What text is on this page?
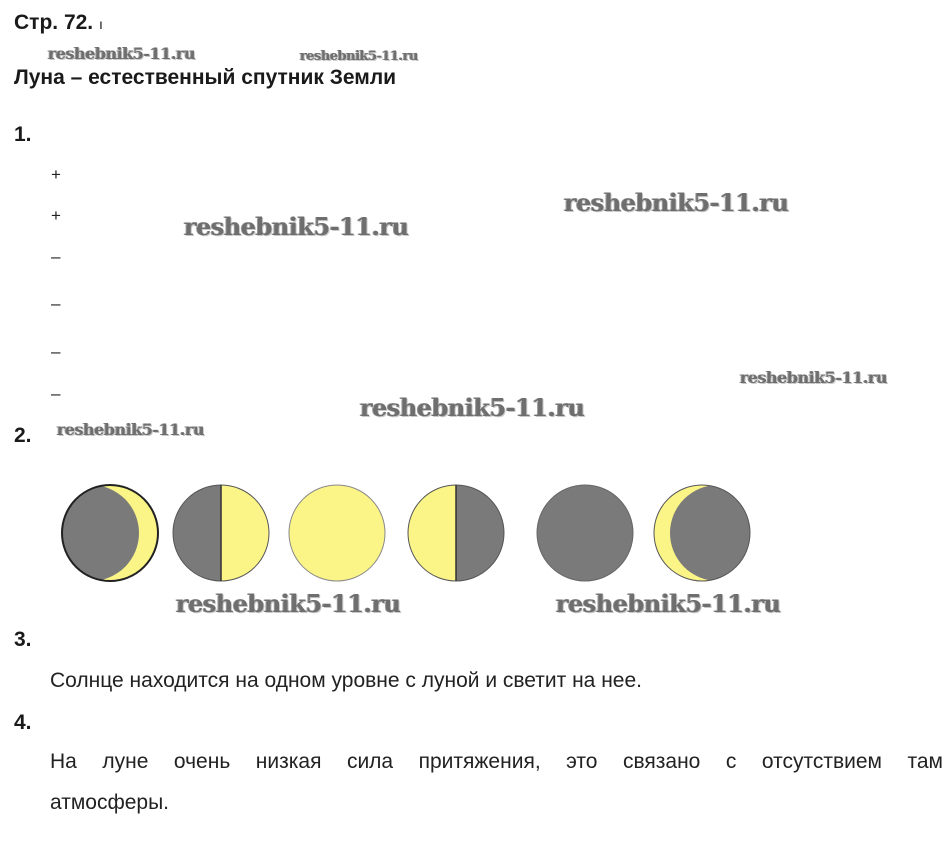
Стр. 72. ı
Луна – естественный спутник Земли
reshebnik5-11.ru	reshebnik5-11.ru
reshebnik5-11.ru
reshebnik5-11.ru
reshebnik5-11.ru
reshebnik5-11.ru
reshebnik5-11.ru
reshebnik5-11.ru	reshebnik5-11.ru
1.
+
+
–
–
–
–
2.
3.
Солнце находится на одном уровне с луной и светит на нее.
4.
На луне очень низкая сила притяжения, это связано с отсутствием там
атмосферы.
